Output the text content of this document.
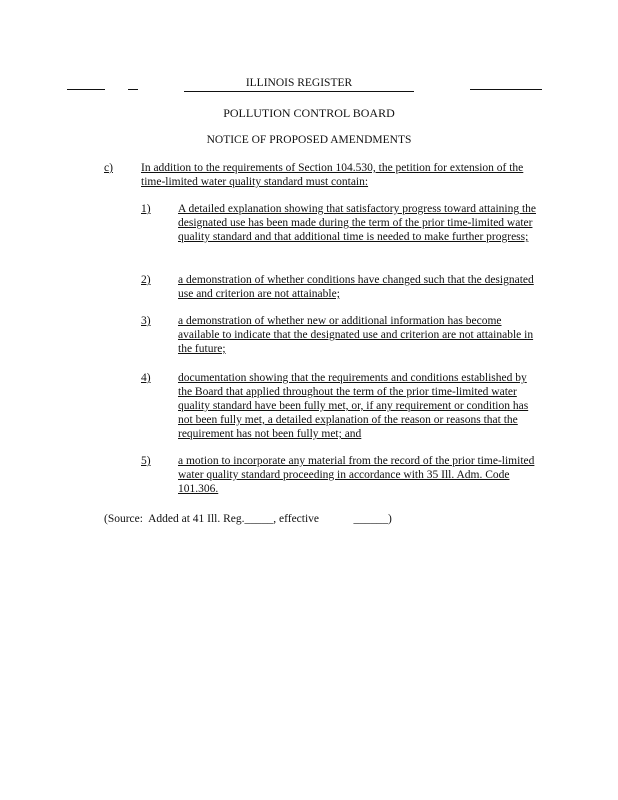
ILLINOIS REGISTER
POLLUTION CONTROL BOARD
NOTICE OF PROPOSED AMENDMENTS
c) In addition to the requirements of Section 104.530, the petition for extension of the time-limited water quality standard must contain:
1) A detailed explanation showing that satisfactory progress toward attaining the designated use has been made during the term of the prior time-limited water quality standard and that additional time is needed to make further progress;
2) a demonstration of whether conditions have changed such that the designated use and criterion are not attainable;
3) a demonstration of whether new or additional information has become available to indicate that the designated use and criterion are not attainable in the future;
4) documentation showing that the requirements and conditions established by the Board that applied throughout the term of the prior time-limited water quality standard have been fully met, or, if any requirement or condition has not been fully met, a detailed explanation of the reason or reasons that the requirement has not been fully met; and
5) a motion to incorporate any material from the record of the prior time-limited water quality standard proceeding in accordance with 35 Ill. Adm. Code 101.306.
(Source:  Added at 41 Ill. Reg._____, effective            ______)
